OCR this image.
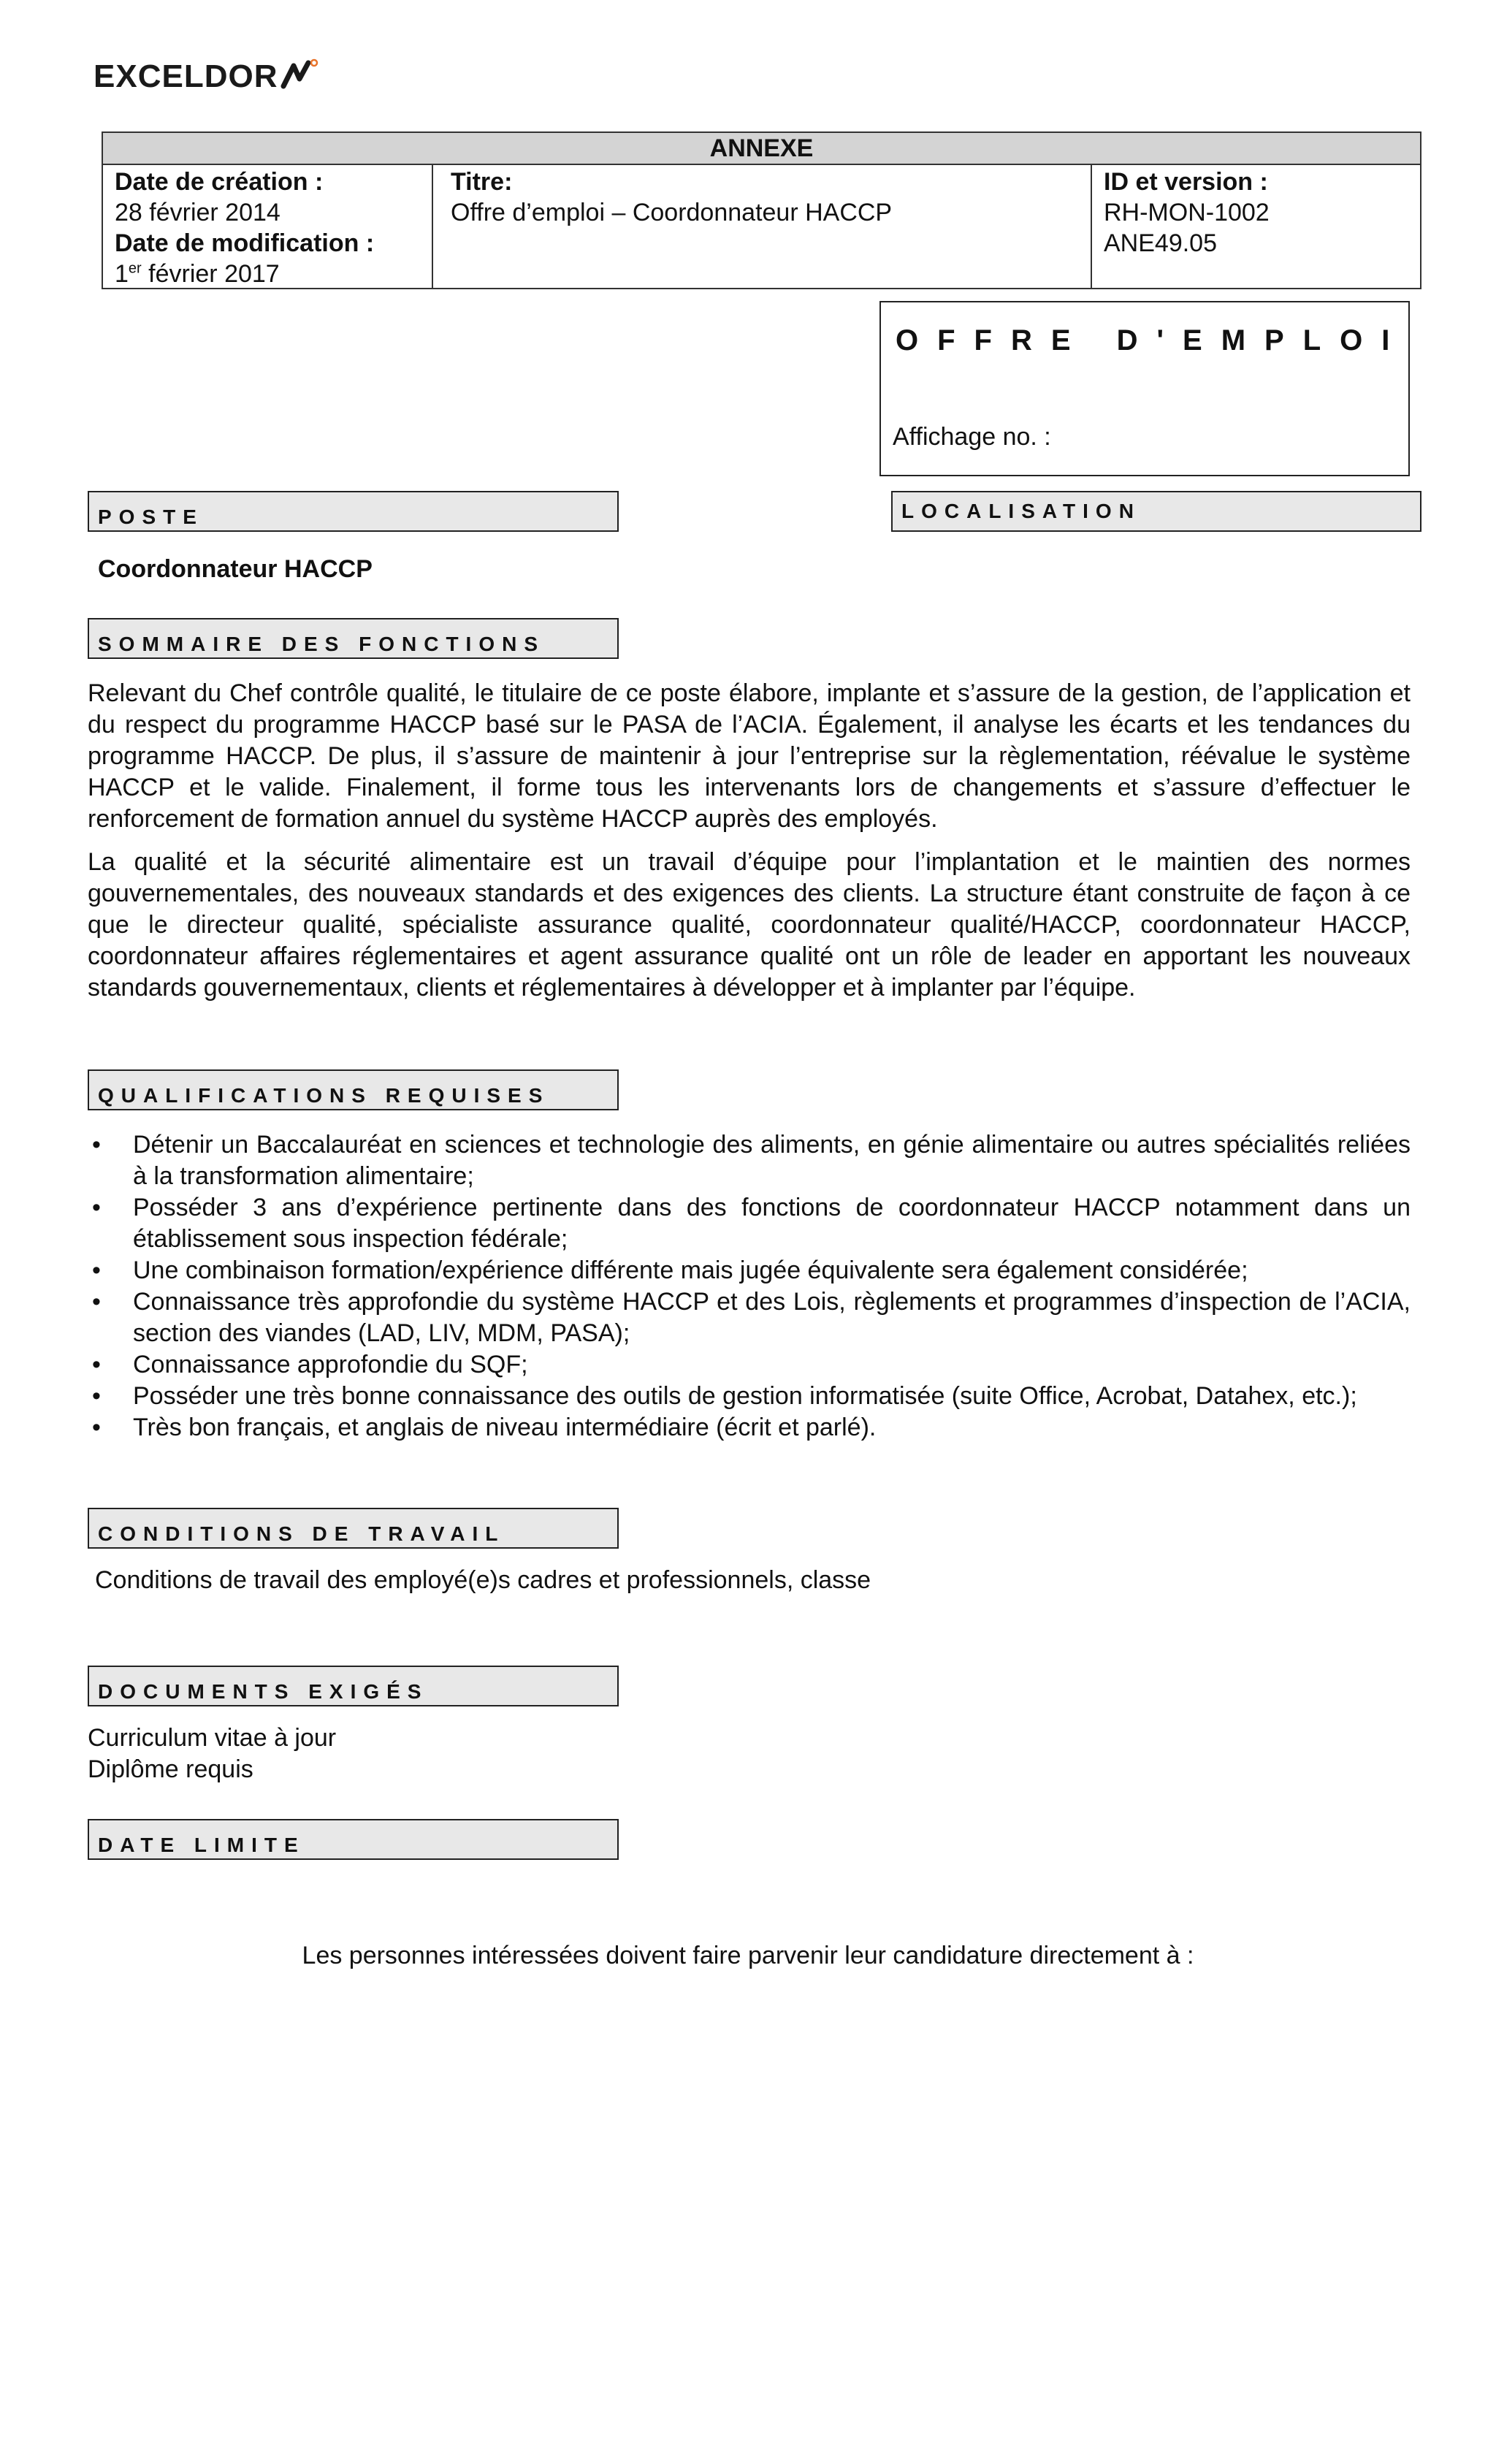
EXCELDOR
ANNEXE
Date de création :
28 février 2014
Date de modification :
1er février 2017
Titre:
Offre d’emploi – Coordonnateur HACCP
ID et version :
RH-MON-1002
ANE49.05
OFFRE D'EMPLOI
Affichage no. :
POSTE	LOCALISATION
Coordonnateur HACCP
SOMMAIRE DES FONCTIONS

Relevant du Chef contrôle qualité, le titulaire de ce poste élabore, implante et s’assure de la gestion, de l’application et du respect du programme HACCP basé sur le PASA de l’ACIA. Également, il analyse les écarts et les tendances du programme HACCP. De plus, il s’assure de maintenir à jour l’entreprise sur la règlementation, réévalue le système HACCP et le valide. Finalement, il forme tous les intervenants lors de changements et s’assure d’effectuer le renforcement de formation annuel du système HACCP auprès des employés.

La qualité et la sécurité alimentaire est un travail d’équipe pour l’implantation et le maintien des normes gouvernementales, des nouveaux standards et des exigences des clients. La structure étant construite de façon à ce que le directeur qualité, spécialiste assurance qualité, coordonnateur qualité/HACCP, coordonnateur HACCP, coordonnateur affaires réglementaires et agent assurance qualité ont un rôle de leader en apportant les nouveaux standards gouvernementaux, clients et réglementaires à développer et à implanter par l’équipe.

QUALIFICATIONS REQUISES
• Détenir un Baccalauréat en sciences et technologie des aliments, en génie alimentaire ou autres spécialités reliées à la transformation alimentaire;
• Posséder 3 ans d’expérience pertinente dans des fonctions de coordonnateur HACCP notamment dans un établissement sous inspection fédérale;
• Une combinaison formation/expérience différente mais jugée équivalente sera également considérée;
• Connaissance très approfondie du système HACCP et des Lois, règlements et programmes d’inspection de l’ACIA, section des viandes (LAD, LIV, MDM, PASA);
• Connaissance approfondie du SQF;
• Posséder une très bonne connaissance des outils de gestion informatisée (suite Office, Acrobat, Datahex, etc.);
• Très bon français, et anglais de niveau intermédiaire (écrit et parlé).
CONDITIONS DE TRAVAIL
Conditions de travail des employé(e)s cadres et professionnels, classe
DOCUMENTS EXIGÉS
Curriculum vitae à jour
Diplôme requis
DATE LIMITE
Les personnes intéressées doivent faire parvenir leur candidature directement à :
